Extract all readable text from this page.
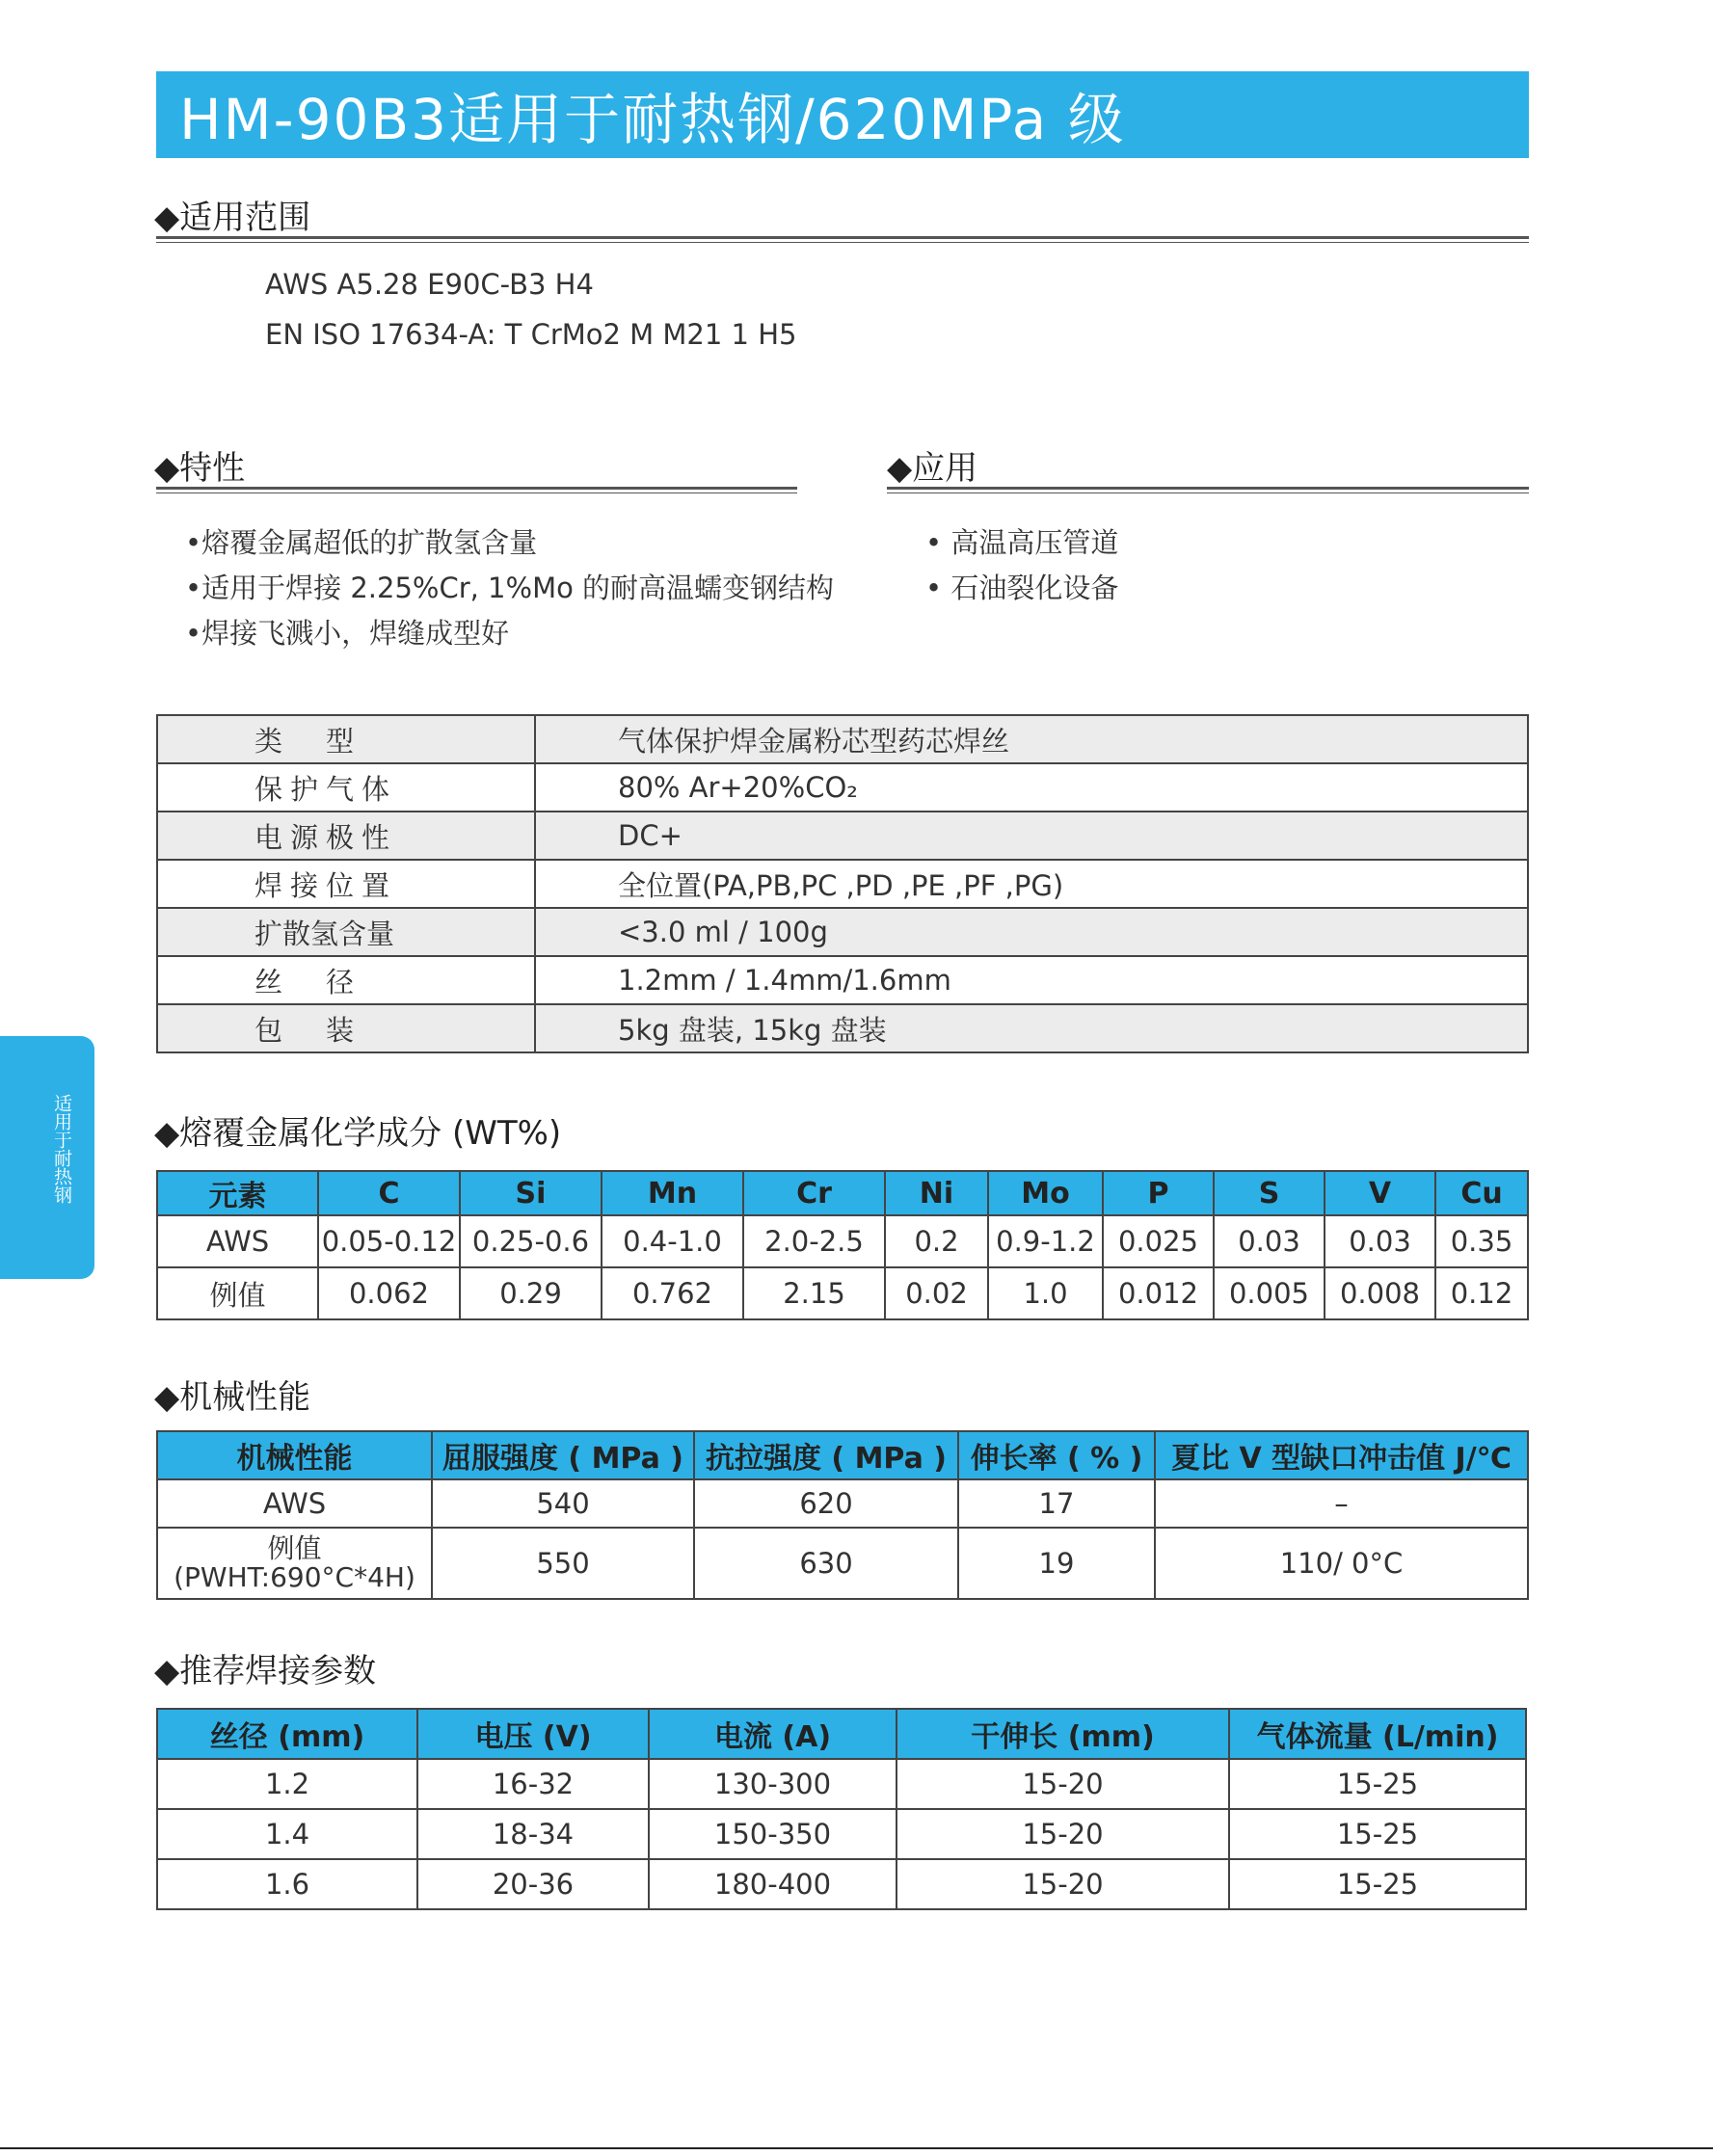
HM-90B3适用于耐热钢/620MPa 级
◆适用范围
AWS A5.28 E90C-B3 H4
EN ISO 17634-A: T CrMo2 M M21 1 H5
◆特性
•熔覆金属超低的扩散氢含量
•适用于焊接 2.25%Cr, 1%Mo 的耐高温蠕变钢结构
•焊接飞溅小，焊缝成型好
◆应用
• 高温高压管道
• 石油裂化设备
类　型	气体保护焊金属粉芯型药芯焊丝
保护气体	80% Ar+20%CO₂
电源极性	DC+
焊接位置	全位置(PA,PB,PC ,PD ,PE ,PF ,PG)
扩散氢含量	<3.0 ml / 100g
丝　径	1.2mm / 1.4mm/1.6mm
包　装	5kg 盘装, 15kg 盘装
◆熔覆金属化学成分 (WT%)
元素	C	Si	Mn	Cr	Ni	Mo	P	S	V	Cu
AWS	0.05-0.12	0.25-0.6	0.4-1.0	2.0-2.5	0.2	0.9-1.2	0.025	0.03	0.03	0.35
例值	0.062	0.29	0.762	2.15	0.02	1.0	0.012	0.005	0.008	0.12
◆机械性能
机械性能	屈服强度 ( MPa )	抗拉强度 ( MPa )	伸长率 ( % )	夏比 V 型缺口冲击值 J/℃
AWS	540	620	17	–
例值 (PWHT:690°C*4H)	550	630	19	110/ 0°C
◆推荐焊接参数
丝径 (mm)	电压 (V)	电流 (A)	干伸长 (mm)	气体流量 (L/min)
1.2	16-32	130-300	15-20	15-25
1.4	18-34	150-350	15-20	15-25
1.6	20-36	180-400	15-20	15-25
适用于耐热钢
